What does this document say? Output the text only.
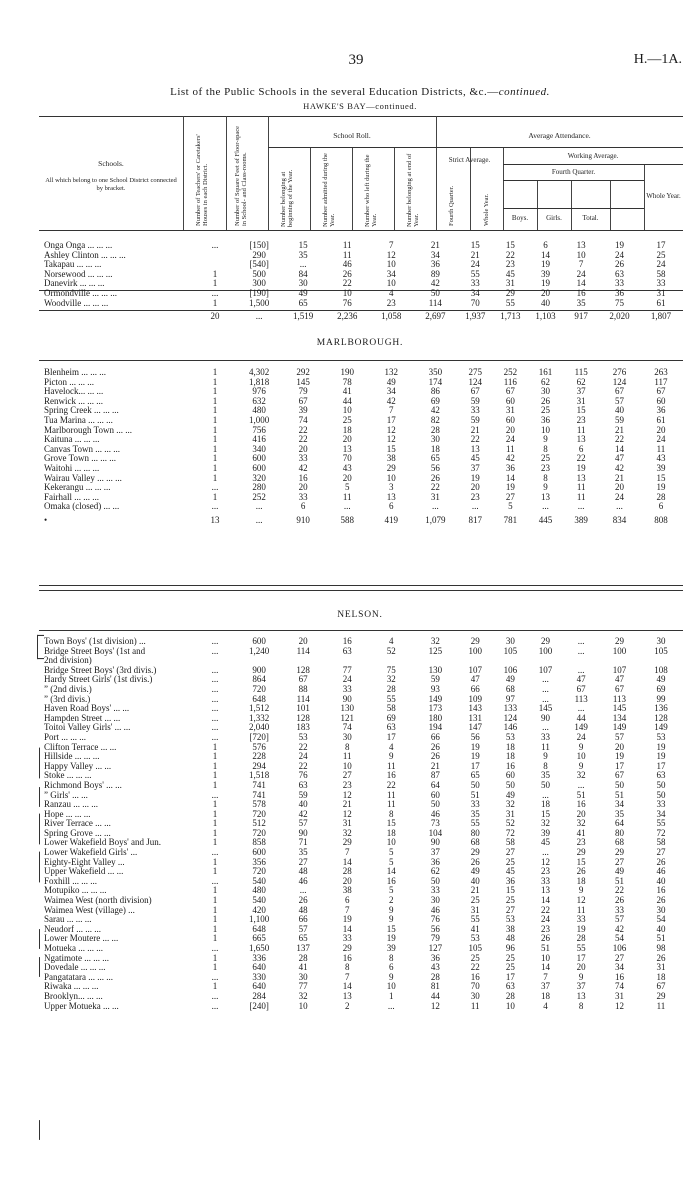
39	H.—1A.
List of the Public Schools in the several Education Districts, &c.—continued.
HAWKE'S BAY—continued.
Schools.
All which belong to one School District connected by bracket.	Number of Teachers' or Caretakers' Houses in each District.	Number of Square Feet of Floor-space in School- and Class-rooms.
School Roll.
Number belonging at beginning of the Year.	Number admitted during the Year.	Number who left during the Year.	Number belonging at end of Year.
Average Attendance.
Strict Average.
Fourth Quarter.	Whole Year.
Working Average.
Fourth Quarter.
Boys.	Girls.	Total.
Whole Year.
MARLBOROUGH.
NELSON.
Onga Onga ... ... ...	...	[150]	15	11	7	21	15	15	6	13	19	17
Ashley Clinton ... ... ...		290	35	11	12	34	21	22	14	10	24	25
Takapau ... ... ...		[540]	...	46	10	36	24	23	19	7	26	24
Norsewood ... ... ...	1	500	84	26	34	89	55	45	39	24	63	58
Danevirk ... ... ...	1	300	30	22	10	42	33	31	19	14	33	33
Ormondville ... ... ...	...	[190]	49	10	4	50	34	29	20	16	36	31
Woodville ... ... ...	1	1,500	65	76	23	114	70	55	40	35	75	61
	20	...	1,519	2,236	1,058	2,697	1,937	1,713	1,103	917	2,020	1,807
Blenheim ... ... ...	1	4,302	292	190	132	350	275	252	161	115	276	263
Picton ... ... ...	1	1,818	145	78	49	174	124	116	62	62	124	117
Havelock... ... ...	1	976	79	41	34	86	67	67	30	37	67	67
Renwick ... ... ...	1	632	67	44	42	69	59	60	26	31	57	60
Spring Creek ... ... ...	1	480	39	10	7	42	33	31	25	15	40	36
Tua Marina ... ... ...	1	1,000	74	25	17	82	59	60	36	23	59	61
Marlborough Town ... ...	1	756	22	18	12	28	21	20	10	11	21	20
Kaituna ... ... ...	1	416	22	20	12	30	22	24	9	13	22	24
Canvas Town ... ... ...	1	340	20	13	15	18	13	11	8	6	14	11
Grove Town ... ... ...	1	600	33	70	38	65	45	42	25	22	47	43
Waitohi ... ... ...	1	600	42	43	29	56	37	36	23	19	42	39
Wairau Valley ... ... ...	1	320	16	20	10	26	19	14	8	13	21	15
Kekerangu ... ... ...	...	280	20	5	3	22	20	19	9	11	20	19
Fairhall ... ... ...	1	252	33	11	13	31	23	27	13	11	24	28
Omaka (closed) ... ...	...	...	6	...	6	...	...	5	...	...	...	6
•	13	...	910	588	419	1,079	817	781	445	389	834	808
Town Boys' (1st division) ...	...	600	20	16	4	32	29	30	29	...	29	30
Bridge Street Boys' (1st and	...	1,240	114	63	52	125	100	105	100	...	100	105
2nd division)												
Bridge Street Boys' (3rd divis.)	...	900	128	77	75	130	107	106	107	...	107	108
Hardy Street Girls' (1st divis.)	...	864	67	24	32	59	47	49	...	47	47	49
” (2nd divis.)	...	720	88	33	28	93	66	68	...	67	67	69
” (3rd divis.)	...	648	114	90	55	149	109	97	...	113	113	99
Haven Road Boys' ... ...	...	1,512	101	130	58	173	143	133	145	...	145	136
Hampden Street ... ...	...	1,332	128	121	69	180	131	124	90	44	134	128
Toitoi Valley Girls' ... ...	...	2,040	183	74	63	194	147	146	...	149	149	149
Port ... ... ...	...	[720]	53	30	17	66	56	53	33	24	57	53
Clifton Terrace ... ...	1	576	22	8	4	26	19	18	11	9	20	19
Hillside ... ... ...	1	228	24	11	9	26	19	18	9	10	19	19
Happy Valley ... ...	1	294	22	10	11	21	17	16	8	9	17	17
Stoke ... ... ...	1	1,518	76	27	16	87	65	60	35	32	67	63
Richmond Boys' ... ...	1	741	63	23	22	64	50	50	50	...	50	50
” Girls' ... ...	...	741	59	12	11	60	51	49	...	51	51	50
Ranzau ... ... ...	1	578	40	21	11	50	33	32	18	16	34	33
Hope ... ... ...	1	720	42	12	8	46	35	31	15	20	35	34
River Terrace ... ...	1	512	57	31	15	73	55	52	32	32	64	55
Spring Grove ... ...	1	720	90	32	18	104	80	72	39	41	80	72
Lower Wakefield Boys' and Jun.	1	858	71	29	10	90	68	58	45	23	68	58
Lower Wakefield Girls' ...	...	600	35	7	5	37	29	27	...	29	29	27
Eighty-Eight Valley ...	1	356	27	14	5	36	26	25	12	15	27	26
Upper Wakefield ... ...	1	720	48	28	14	62	49	45	23	26	49	46
Foxhill ... ... ...	...	540	46	20	16	50	40	36	33	18	51	40
Motupiko ... ... ...	1	480	...	38	5	33	21	15	13	9	22	16
Waimea West (north division)	1	540	26	6	2	30	25	25	14	12	26	26
Waimea West (village) ...	1	420	48	7	9	46	31	27	22	11	33	30
Sarau ... ... ...	1	1,100	66	19	9	76	55	53	24	33	57	54
Neudorf ... ... ...	1	648	57	14	15	56	41	38	23	19	42	40
Lower Moutere ... ...	1	665	65	33	19	79	53	48	26	28	54	51
Motueka ... ... ...	...	1,650	137	29	39	127	105	96	51	55	106	98
Ngatimote ... ... ...	1	336	28	16	8	36	25	25	10	17	27	26
Dovedale ... ... ...	1	640	41	8	6	43	22	25	14	20	34	31
Pangatatara ... ... ...	...	330	30	7	9	28	16	17	7	9	16	18
Riwaka ... ... ...	1	640	77	14	10	81	70	63	37	37	74	67
Brooklyn... ... ...	...	284	32	13	1	44	30	28	18	13	31	29
Upper Motueka ... ...	...	[240]	10	2	...	12	11	10	4	8	12	11
